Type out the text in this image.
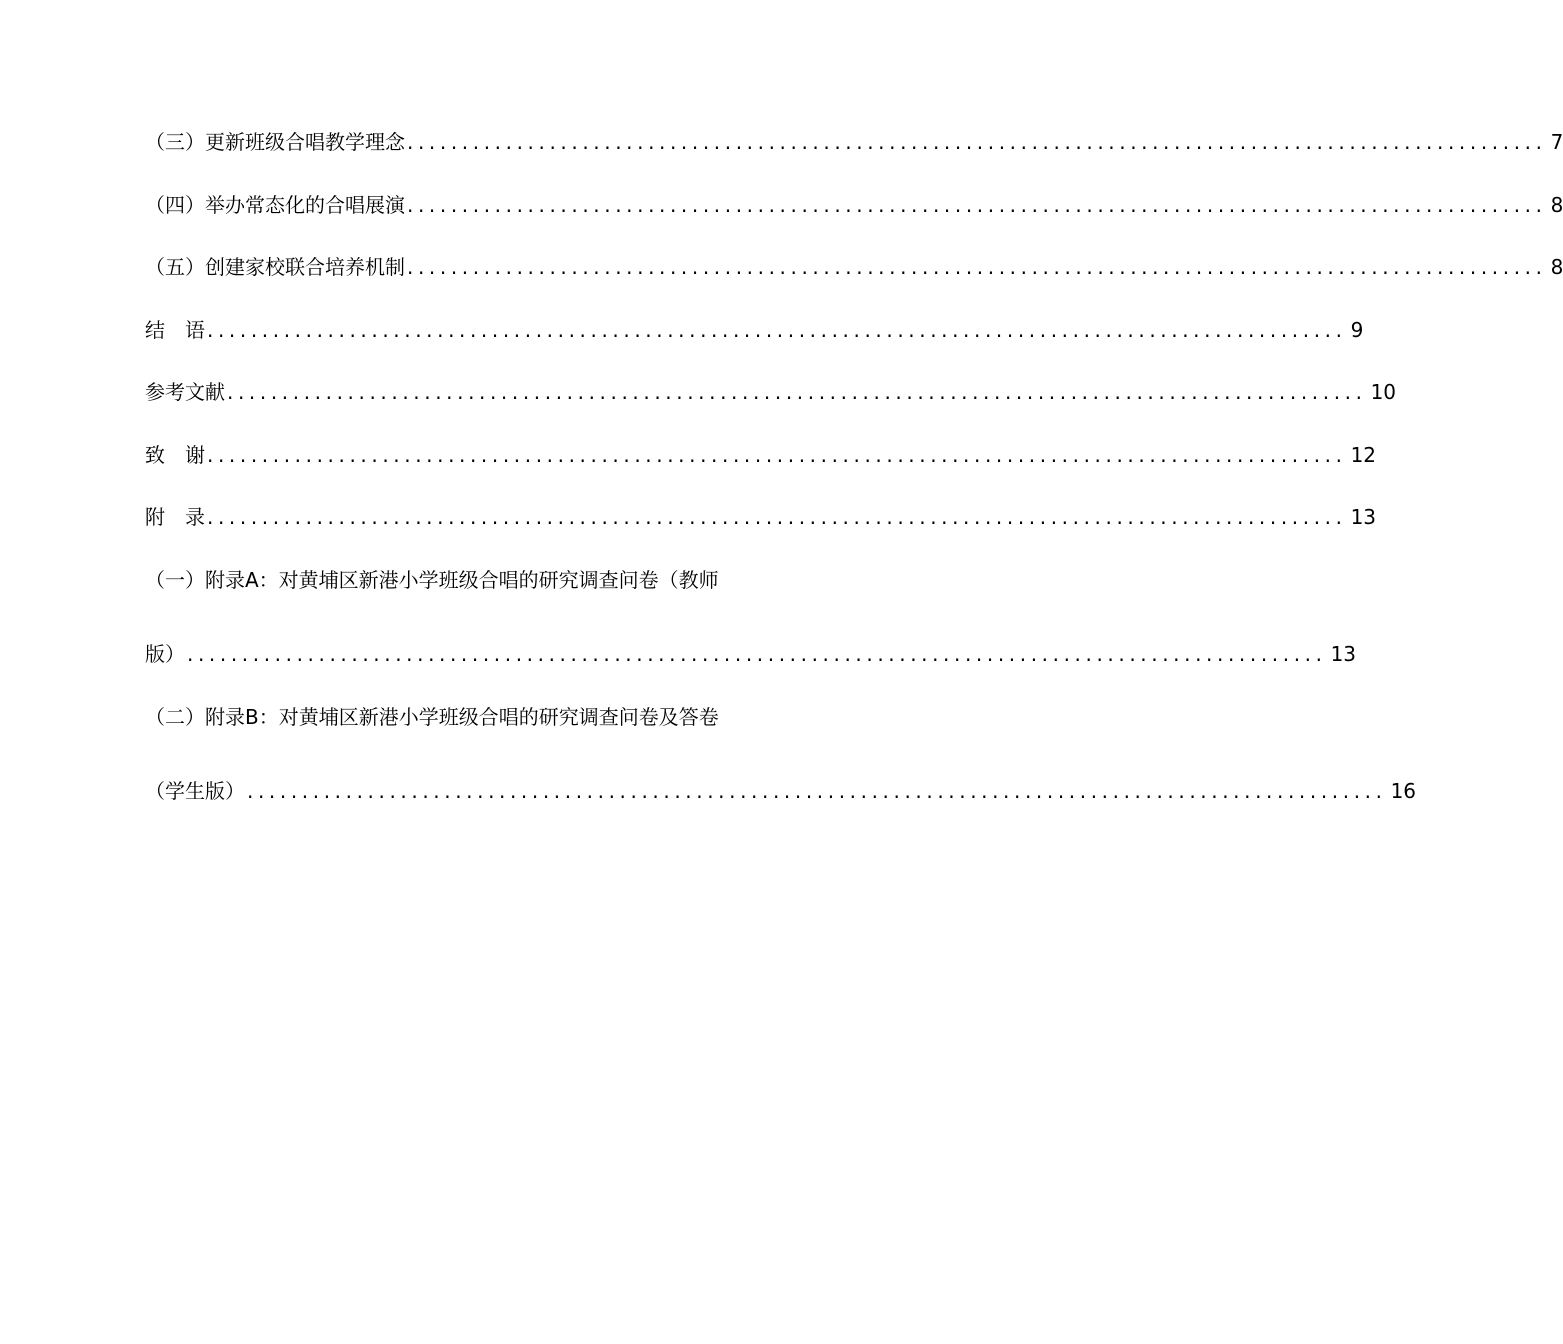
（三）更新班级合唱教学理念 ........................................................................................................ 7
（四）举办常态化的合唱展演 ........................................................................................................ 8
（五）创建家校联合培养机制 ........................................................................................................ 8
结　语 ........................................................................................................ 9
参考文献 ........................................................................................................ 10
致　谢 ........................................................................................................ 12
附　录 ........................................................................................................ 13
（一）附录A：对黄埔区新港小学班级合唱的研究调查问卷（教师
版） ........................................................................................................ 13
（二）附录B：对黄埔区新港小学班级合唱的研究调查问卷及答卷
（学生版） ........................................................................................................ 16
